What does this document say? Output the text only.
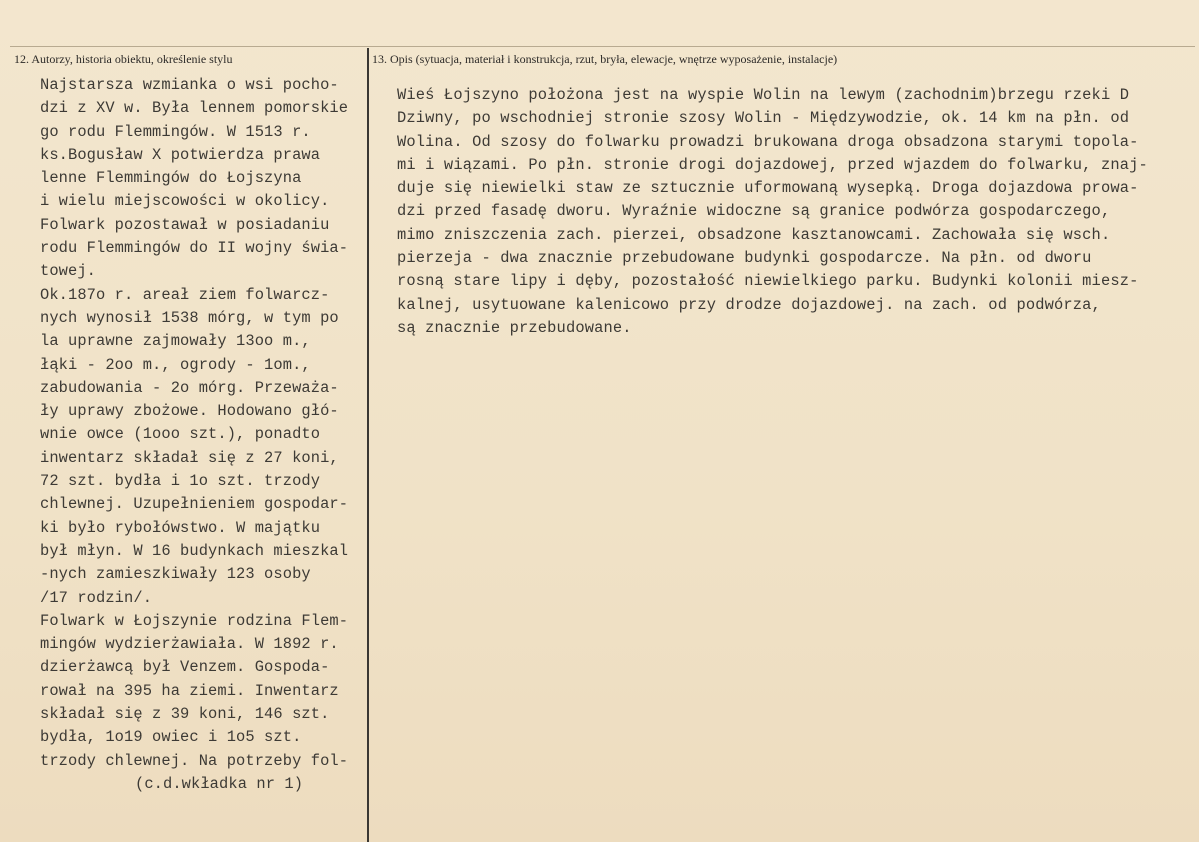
12. Autorzy, historia obiektu, określenie stylu	13. Opis (sytuacja, materiał i konstrukcja, rzut, bryła, elewacje, wnętrze wyposażenie, instalacje)
Najstarsza wzmianka o wsi pocho-
dzi z XV w. Była lennem pomorskie
go rodu Flemmingów. W 1513 r.
ks.Bogusław X potwierdza prawa
lenne Flemmingów do Łojszyna
i wielu miejscowości w okolicy.
Folwark pozostawał w posiadaniu
rodu Flemmingów do II wojny świa-
towej.
Ok.187o r. areał ziem folwarcz-
nych wynosił 1538 mórg, w tym po
la uprawne zajmowały 13oo m.,
łąki - 2oo m., ogrody - 1om.,
zabudowania - 2o mórg. Przeważa-
ły uprawy zbożowe. Hodowano głó-
wnie owce (1ooo szt.), ponadto
inwentarz składał się z 27 koni,
72 szt. bydła i 1o szt. trzody
chlewnej. Uzupełnieniem gospodar-
ki było rybołówstwo. W majątku
był młyn. W 16 budynkach mieszkal
-nych zamieszkiwały 123 osoby
/17 rodzin/.
Folwark w Łojszynie rodzina Flem-
mingów wydzierżawiała. W 1892 r.
dzierżawcą był Venzem. Gospoda-
rował na 395 ha ziemi. Inwentarz
składał się z 39 koni, 146 szt.
bydła, 1o19 owiec i 1o5 szt.
trzody chlewnej. Na potrzeby fol-
(c.d.wkładka nr 1)
Wieś Łojszyno położona jest na wyspie Wolin na lewym (zachodnim)brzegu rzeki D
Dziwny, po wschodniej stronie szosy Wolin - Międzywodzie, ok. 14 km na płn. od
Wolina. Od szosy do folwarku prowadzi brukowana droga obsadzona starymi topola-
mi i wiązami. Po płn. stronie drogi dojazdowej, przed wjazdem do folwarku, znaj-
duje się niewielki staw ze sztucznie uformowaną wysepką. Droga dojazdowa prowa-
dzi przed fasadę dworu. Wyraźnie widoczne są granice podwórza gospodarczego,
mimo zniszczenia zach. pierzei, obsadzone kasztanowcami. Zachowała się wsch.
pierzeja - dwa znacznie przebudowane budynki gospodarcze. Na płn. od dworu
rosną stare lipy i dęby, pozostałość niewielkiego parku. Budynki kolonii miesz-
kalnej, usytuowane kalenicowo przy drodze dojazdowej. na zach. od podwórza,
są znacznie przebudowane.
